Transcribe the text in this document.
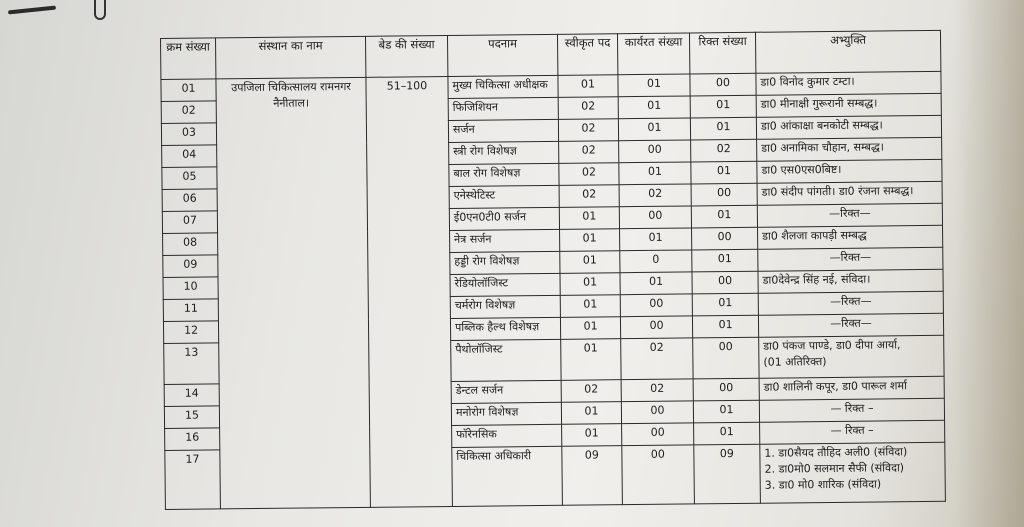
क्रम संख्या	संस्थान का नाम	बेड की संख्या	पदनाम	स्वीकृत पद	कार्यरत संख्या	रिक्त संख्या	अभ्युक्ति
01	उपजिला चिकित्सालय रामनगर नैनीताल।	51–100	मुख्य चिकित्सा अधीक्षक	01	01	00	डा0 विनोद कुमार टम्टा।

02			फिजिशियन	02	01	01	डा0 मीनाक्षी गुरूरानी सम्बद्ध।

03			सर्जन	02	01	01	डा0 आंकाक्षा बनकोटी सम्बद्ध।

04			स्त्री रोग विशेषज्ञ	02	00	02	डा0 अनामिका चौहान, सम्बद्ध।

05			बाल रोग विशेषज्ञ	02	01	01	डा0 एस0एस0बिष्ट।

06			एनेस्थेटिस्ट	02	02	00	डा0 संदीप पांगती। डा0 रंजना सम्बद्ध।

07			ई0एन0टी0 सर्जन	01	00	01	—रिक्त—

08			नेत्र सर्जन	01	01	00	डा0 शैलजा कापड़ी सम्बद्ध

09			हड्डी रोग विशेषज्ञ	01	0	01	—रिक्त—

10			रेडियोलॉजिस्ट	01	01	00	डा0देवेन्द्र सिंह नई, संविदा।

11			चर्मरोग विशेषज्ञ	01	00	01	—रिक्त—

12			पब्लिक हैल्थ विशेषज्ञ	01	00	01	—रिक्त—

13			पैथोलॉजिस्ट	01	02	00	डा0 पंकज पाण्डे, डा0 दीपा आर्या,
(01 अतिरिक्त)

14			डेन्टल सर्जन	02	02	00	डा0 शालिनी कपूर, डा0 पारूल शर्मा

15			मनोरोग विशेषज्ञ	01	00	01	— रिक्त –

16			फॉरेनसिक	01	00	01	— रिक्त –

17			चिकित्सा अधिकारी	09	00	09	1. डा0सैयद तौहिद अली0 (संविदा)
2. डा0मो0 सलमान सैफी (संविदा)
3. डा0 मो0 शारिक (संविदा)
